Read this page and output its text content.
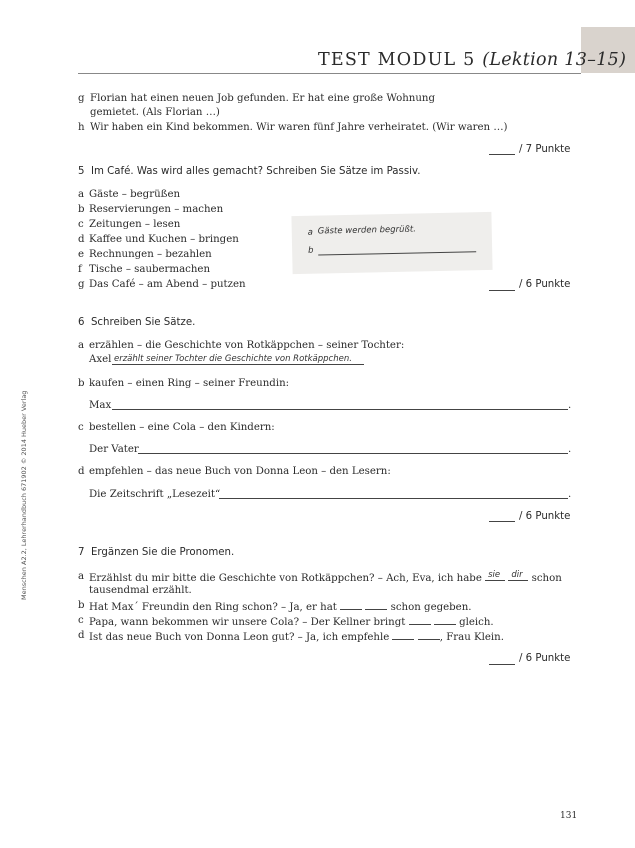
TEST MODUL 5 (Lektion 13–15)
g Florian hat einen neuen Job gefunden. Er hat eine große Wohnung
gemietet. (Als Florian …)
h Wir haben ein Kind bekommen. Wir waren fünf Jahre verheiratet. (Wir waren …)
/ 7 Punkte
5 Im Café. Was wird alles gemacht? Schreiben Sie Sätze im Passiv.
a Gäste – begrüßen
b Reservierungen – machen
c Zeitungen – lesen
d Kaffee und Kuchen – bringen
e Rechnungen – bezahlen
f Tische – saubermachen
g Das Café – am Abend – putzen
a Gäste werden begrüßt.
b
/ 6 Punkte
6 Schreiben Sie Sätze.
a erzählen – die Geschichte von Rotkäppchen – seiner Tochter:
Axel erzählt seiner Tochter die Geschichte von Rotkäppchen.
b kaufen – einen Ring – seiner Freundin:
Max	.
c bestellen – eine Cola – den Kindern:
Der Vater	.
d empfehlen – das neue Buch von Donna Leon – den Lesern:
Die Zeitschrift „Lesezeit“	.
/ 6 Punkte
7 Ergänzen Sie die Pronomen.
a Erzählst du mir bitte die Geschichte von Rotkäppchen? – Ach, Eva, ich habe sie
dir schon
tausendmal erzählt.
b Hat Max´ Freundin den Ring schon? – Ja, er hat	schon gegeben.
c Papa, wann bekommen wir unsere Cola? – Der Kellner bringt	gleich.
d Ist das neue Buch von Donna Leon gut? – Ja, ich empfehle	, Frau Klein.
/ 6 Punkte
Menschen A2.2, Lehrerhandbuch 671902 © 2014 Hueber Verlag
131
